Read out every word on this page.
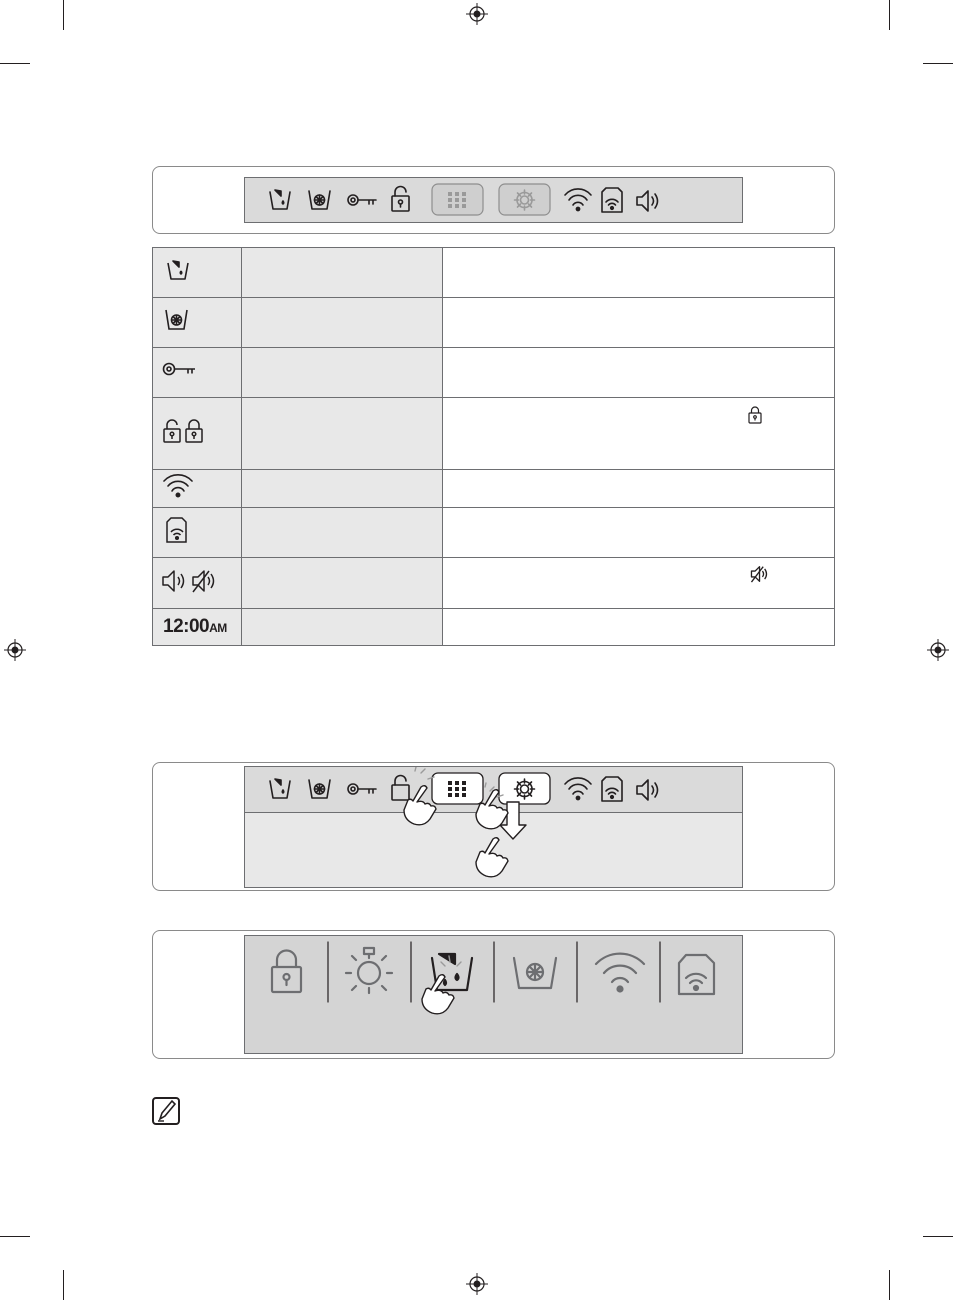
12:00AM		
